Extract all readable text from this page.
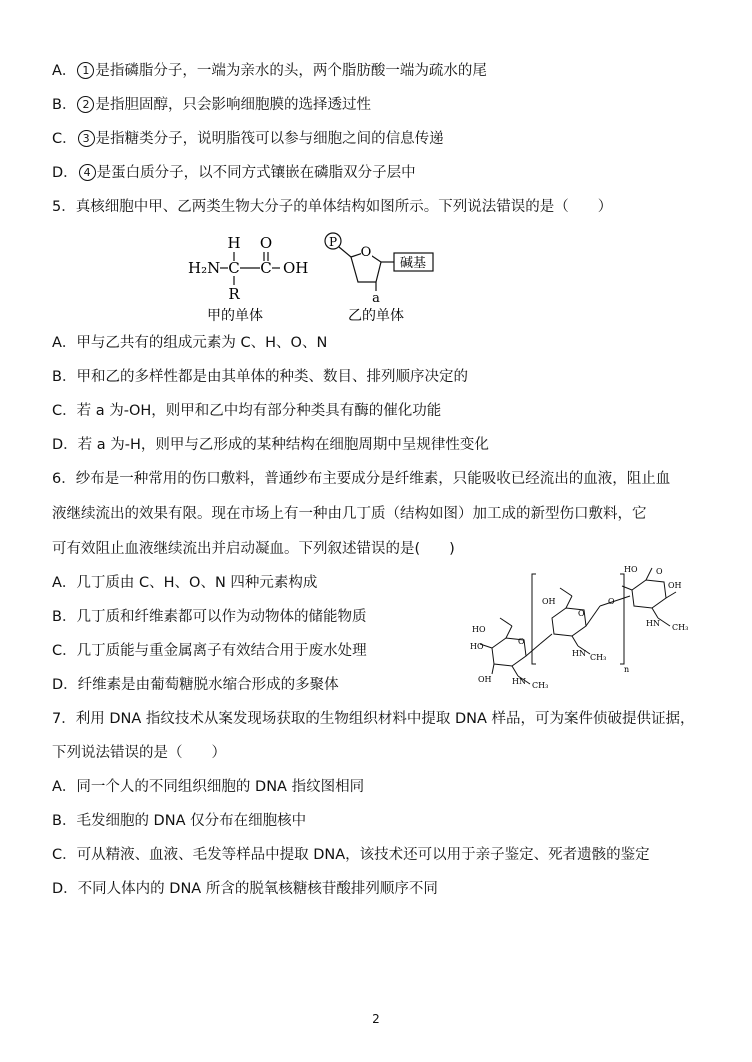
A． 1 是指磷脂分子，一端为亲水的头，两个脂肪酸一端为疏水的尾
B． 2 是指胆固醇，只会影响细胞膜的选择透过性
C． 3 是指糖类分子，说明脂筏可以参与细胞之间的信息传递
D． 4 是蛋白质分子，以不同方式镶嵌在磷脂双分子层中
5．真核细胞中甲、乙两类生物大分子的单体结构如图所示。下列说法错误的是（　　）
H O
H₂N C C OH
R
甲的单体
P
O
碱基
a
乙的单体
A．甲与乙共有的组成元素为 C、H、O、N
B．甲和乙的多样性都是由其单体的种类、数目、排列顺序决定的
C．若 a 为-OH，则甲和乙中均有部分种类具有酶的催化功能
D．若 a 为-H，则甲与乙形成的某种结构在细胞周期中呈规律性变化
6．纱布是一种常用的伤口敷料，普通纱布主要成分是纤维素，只能吸收已经流出的血液，阻止血
液继续流出的效果有限。现在市场上有一种由几丁质（结构如图）加工成的新型伤口敷料，它
可有效阻止血液继续流出并启动凝血。下列叙述错误的是(　　)
A．几丁质由 C、H、O、N 四种元素构成
B．几丁质和纤维素都可以作为动物体的储能物质
C．几丁质能与重金属离子有效结合用于废水处理
D．纤维素是由葡萄糖脱水缩合形成的多聚体
HO
HO
OH
O
HN CH₃
OH
O
O
HN CH₃
n
HO O
OH
HN CH₃
7．利用 DNA 指纹技术从案发现场获取的生物组织材料中提取 DNA 样品，可为案件侦破提供证据，
下列说法错误的是（　　）
A．同一个人的不同组织细胞的 DNA 指纹图相同
B．毛发细胞的 DNA 仅分布在细胞核中
C．可从精液、血液、毛发等样品中提取 DNA，该技术还可以用于亲子鉴定、死者遗骸的鉴定
D．不同人体内的 DNA 所含的脱氧核糖核苷酸排列顺序不同
2
